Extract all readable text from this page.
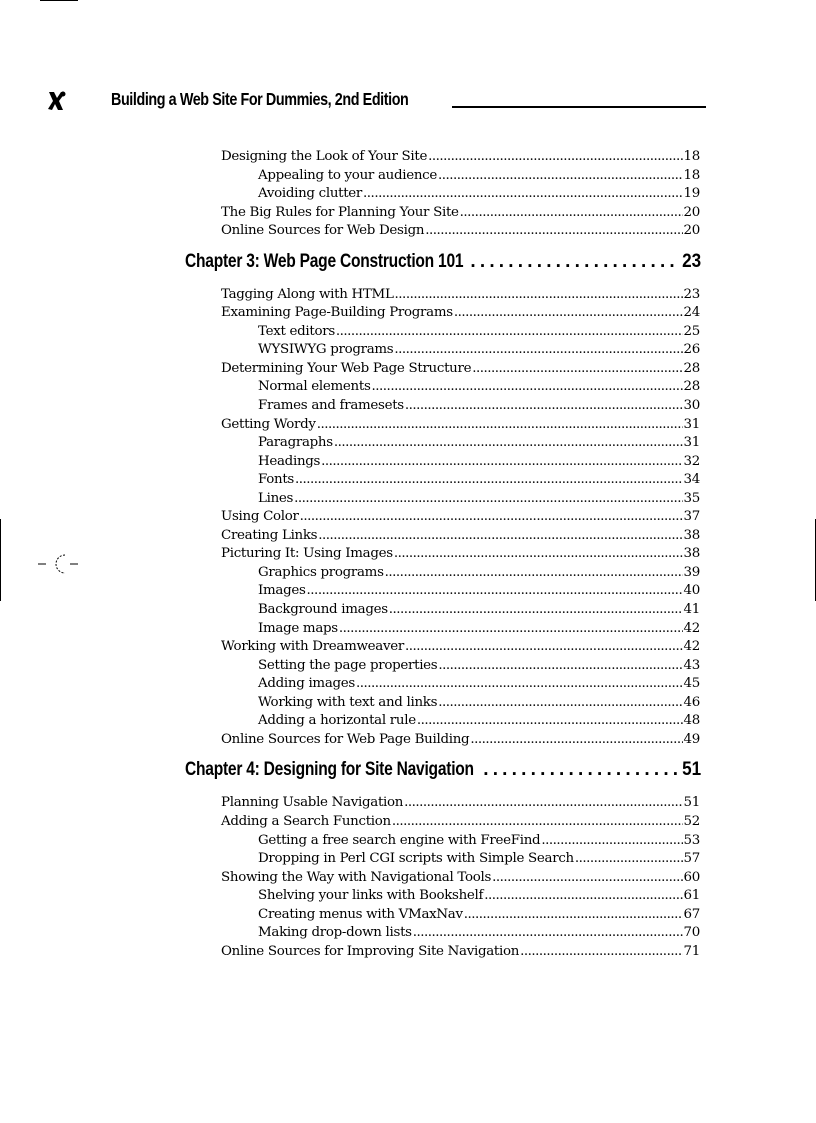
Building a Web Site For Dummies, 2nd Edition
Designing the Look of Your Site .....	18
Appealing to your audience .....	18
Avoiding clutter .....	19
The Big Rules for Planning Your Site .....	20
Online Sources for Web Design .....	20
Chapter 3: Web Page Construction 101 .....	23
Tagging Along with HTML .....	23
Examining Page-Building Programs .....	24
Text editors .....	25
WYSIWYG programs .....	26
Determining Your Web Page Structure .....	28
Normal elements .....	28
Frames and framesets .....	30
Getting Wordy .....	31
Paragraphs .....	31
Headings .....	32
Fonts .....	34
Lines .....	35
Using Color .....	37
Creating Links .....	38
Picturing It: Using Images .....	38
Graphics programs .....	39
Images .....	40
Background images .....	41
Image maps .....	42
Working with Dreamweaver .....	42
Setting the page properties .....	43
Adding images .....	45
Working with text and links .....	46
Adding a horizontal rule .....	48
Online Sources for Web Page Building .....	49
Chapter 4: Designing for Site Navigation .....	51
Planning Usable Navigation .....	51
Adding a Search Function .....	52
Getting a free search engine with FreeFind .....	53
Dropping in Perl CGI scripts with Simple Search .....	57
Showing the Way with Navigational Tools .....	60
Shelving your links with Bookshelf .....	61
Creating menus with VMaxNav .....	67
Making drop-down lists .....	70
Online Sources for Improving Site Navigation .....	71
